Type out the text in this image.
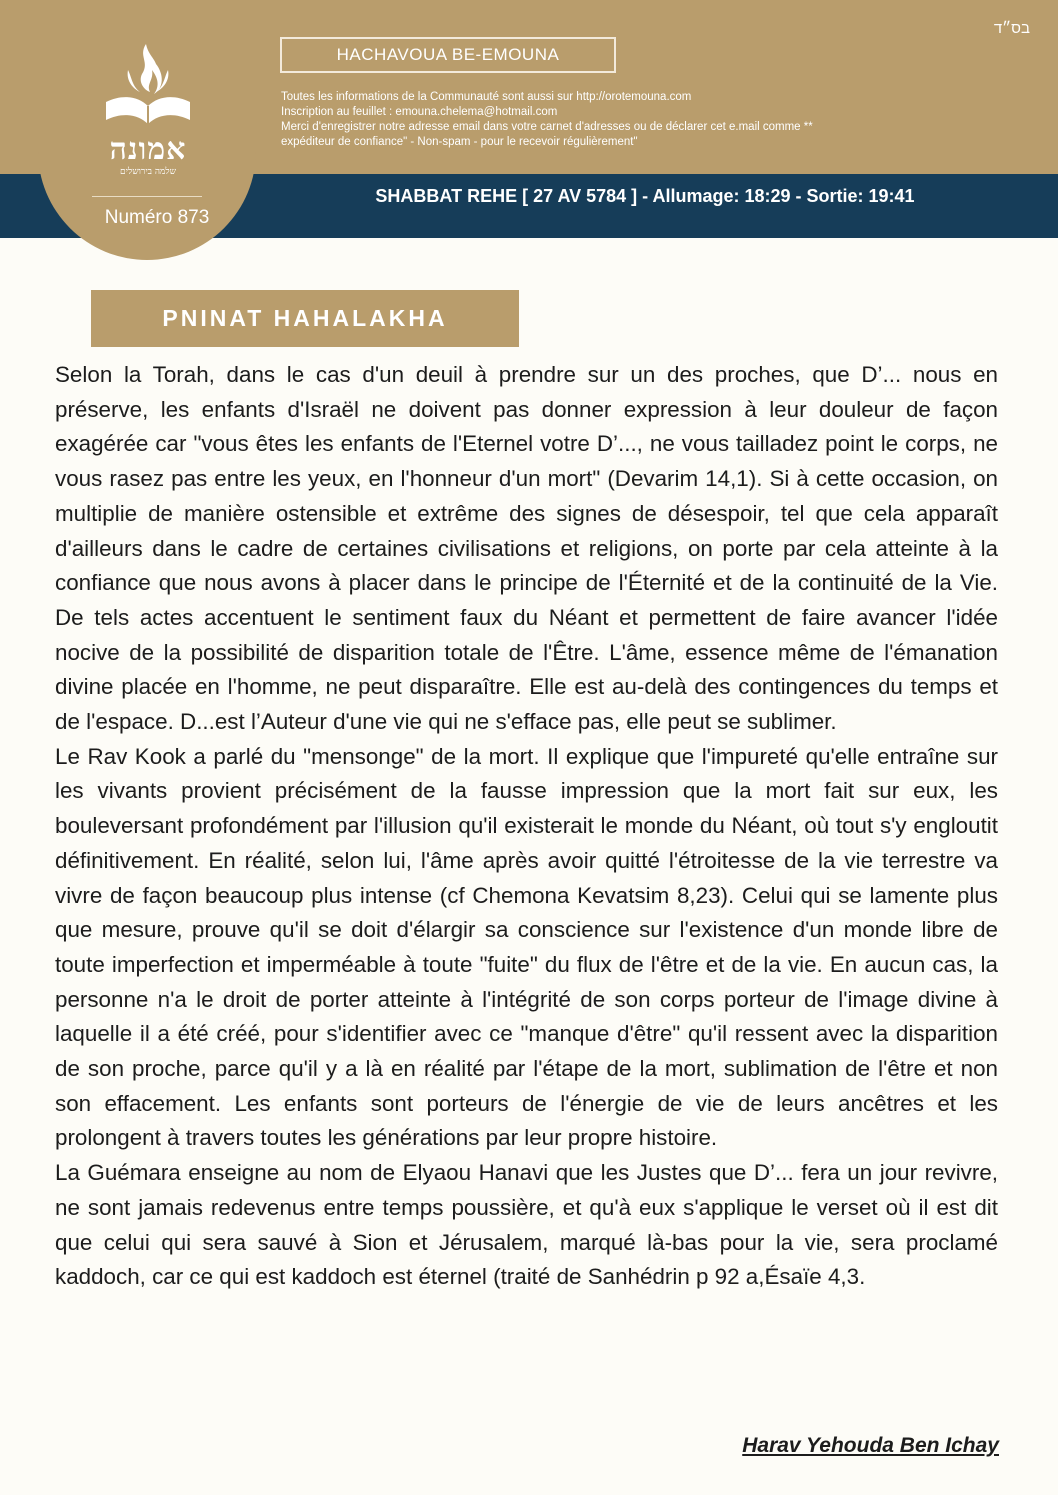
אמונה
שלמה בירושלים
Numéro 873
בס״ד
HACHAVOUA BE-EMOUNA
Toutes les informations de la Communauté sont aussi sur http://orotemouna.com
Inscription au feuillet : emouna.chelema@hotmail.com
Merci d'enregistrer notre adresse email dans votre carnet d'adresses ou de déclarer cet e.mail comme **
expéditeur de confiance" - Non-spam - pour le recevoir régulièrement"
SHABBAT REHE [ 27 AV 5784 ] - Allumage: 18:29 - Sortie: 19:41
PNINAT HAHALAKHA

Selon la Torah, dans le cas d'un deuil à prendre sur un des proches, que D’... nous en préserve, les enfants d'Israël ne doivent pas donner expression à leur douleur de façon exagérée car "vous êtes les enfants de l'Eternel votre D’..., ne vous tailladez point le corps, ne vous rasez pas entre les yeux, en l'honneur d'un mort" (Devarim 14,1). Si à cette occasion, on multiplie de manière ostensible et extrême des signes de désespoir, tel que cela apparaît d'ailleurs dans le cadre de certaines civilisations et religions, on porte par cela atteinte à la confiance que nous avons à placer dans le principe de l'Éternité et de la continuité de la Vie. De tels actes accentuent le sentiment faux du Néant et permettent de faire avancer l'idée nocive de la possibilité de disparition totale de l'Être. L'âme, essence même de l'émanation divine placée en l'homme, ne peut disparaître. Elle est au-delà des contingences du temps et de l'espace. D...est l’Auteur d'une vie qui ne s'efface pas, elle peut se sublimer.

Le Rav Kook a parlé du "mensonge" de la mort. Il explique que l'impureté qu'elle entraîne sur les vivants provient précisément de la fausse impression que la mort fait sur eux, les bouleversant profondément par l'illusion qu'il existerait le monde du Néant, où tout s'y engloutit définitivement. En réalité, selon lui, l'âme après avoir quitté l'étroitesse de la vie terrestre va vivre de façon beaucoup plus intense (cf Chemona Kevatsim 8,23). Celui qui se lamente plus que mesure, prouve qu'il se doit d'élargir sa conscience sur l'existence d'un monde libre de toute imperfection et imperméable à toute "fuite" du flux de l'être et de la vie. En aucun cas, la personne n'a le droit de porter atteinte à l'intégrité de son corps porteur de l'image divine à laquelle il a été créé, pour s'identifier avec ce "manque d'être" qu'il ressent avec la disparition de son proche, parce qu'il y a là en réalité par l'étape de la mort, sublimation de l'être et non son effacement. Les enfants sont porteurs de l'énergie de vie de leurs ancêtres et les prolongent à travers toutes les générations par leur propre histoire.

La Guémara enseigne au nom de Elyaou Hanavi que les Justes que D’... fera un jour revivre, ne sont jamais redevenus entre temps poussière, et qu'à eux s'applique le verset où il est dit que celui qui sera sauvé à Sion et Jérusalem, marqué là-bas pour la vie, sera proclamé kaddoch, car ce qui est kaddoch est éternel (traité de Sanhédrin p 92 a,Ésaïe 4,3.

Harav Yehouda Ben Ichay
